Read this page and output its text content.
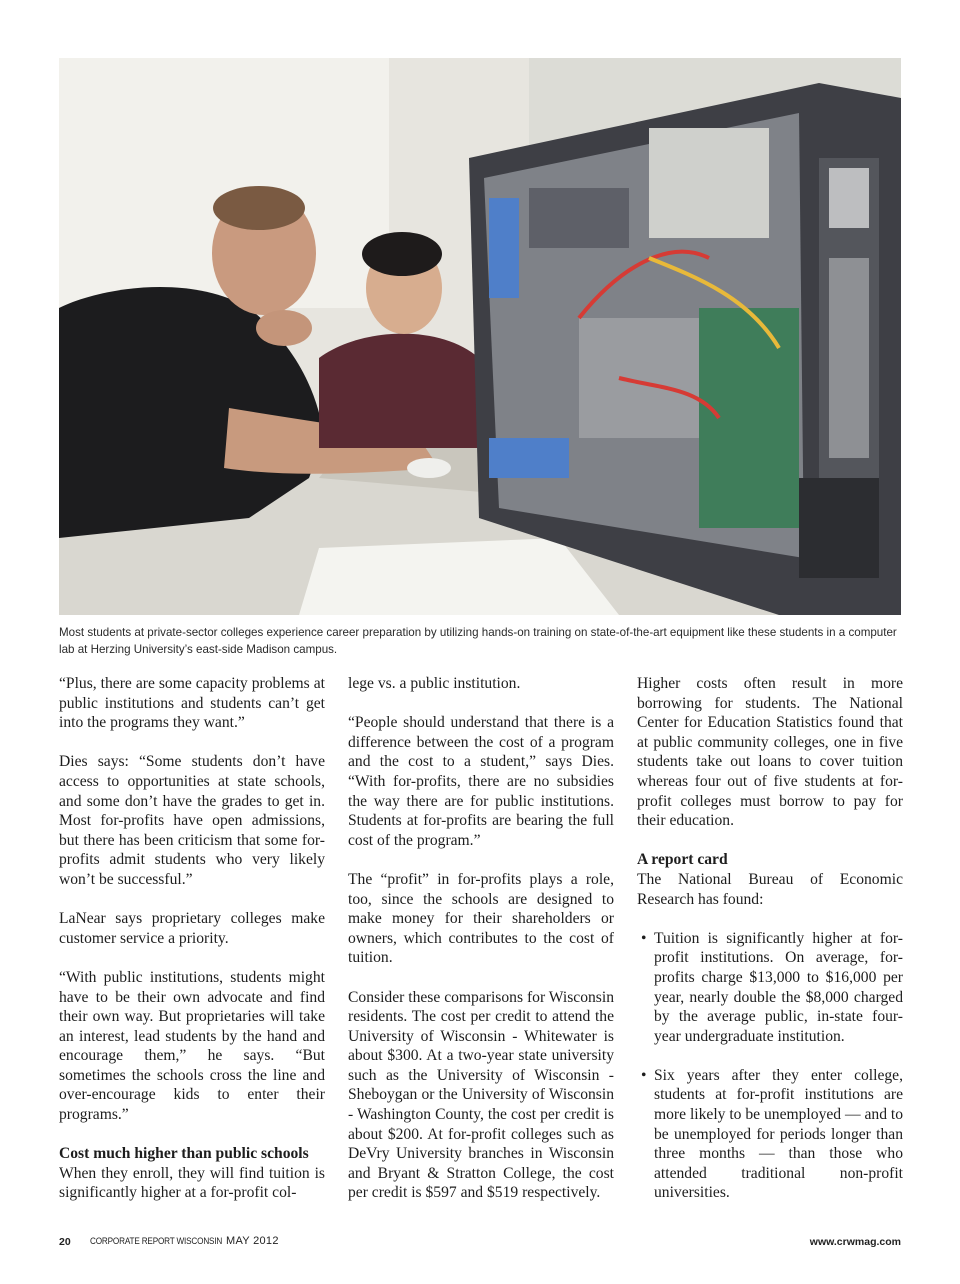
Most students at private-sector colleges experience career preparation by utilizing hands-on training on state-of-the-art equipment like these students in a computer lab at Herzing University’s east-side Madison campus.

“Plus, there are some capacity problems at public institutions and students can’t get into the programs they want.”

Dies says: “Some students don’t have access to opportunities at state schools, and some don’t have the grades to get in. Most for-profits have open admissions, but there has been criticism that some for-profits admit students who very likely won’t be successful.”

LaNear says proprietary colleges make customer service a priority.

“With public institutions, students might have to be their own advocate and find their own way. But proprietaries will take an interest, lead students by the hand and encourage them,” he says. “But sometimes the schools cross the line and over-encourage kids to enter their programs.”

Cost much higher than public schools

When they enroll, they will find tuition is significantly higher at a for-profit col-

lege vs. a public institution.

“People should understand that there is a difference between the cost of a program and the cost to a student,” says Dies. “With for-profits, there are no subsidies the way there are for public institutions. Students at for-profits are bearing the full cost of the program.”

The “profit” in for-profits plays a role, too, since the schools are designed to make money for their shareholders or owners, which contributes to the cost of tuition.

Consider these comparisons for Wisconsin residents. The cost per credit to attend the University of Wisconsin - Whitewater is about $300. At a two-year state university such as the University of Wisconsin - Sheboygan or the University of Wisconsin - Washington County, the cost per credit is about $200. At for-profit colleges such as DeVry University branches in Wisconsin and Bryant & Stratton College, the cost per credit is $597 and $519 respectively.

Higher costs often result in more borrowing for students. The National Center for Education Statistics found that at public community colleges, one in five students take out loans to cover tuition whereas four out of five students at for-profit colleges must borrow to pay for their education.

A report card

The National Bureau of Economic Research has found:

• Tuition is significantly higher at for-profit institutions. On average, for-profits charge $13,000 to $16,000 per year, nearly double the $8,000 charged by the average public, in-state four-year undergraduate institution.
• Six years after they enter college, students at for-profit institutions are more likely to be unemployed — and to be unemployed for periods longer than three months — than those who attended traditional non-profit universities.
20 CORPORATE REPORT WISCONSIN MAY 2012	www.crwmag.com
